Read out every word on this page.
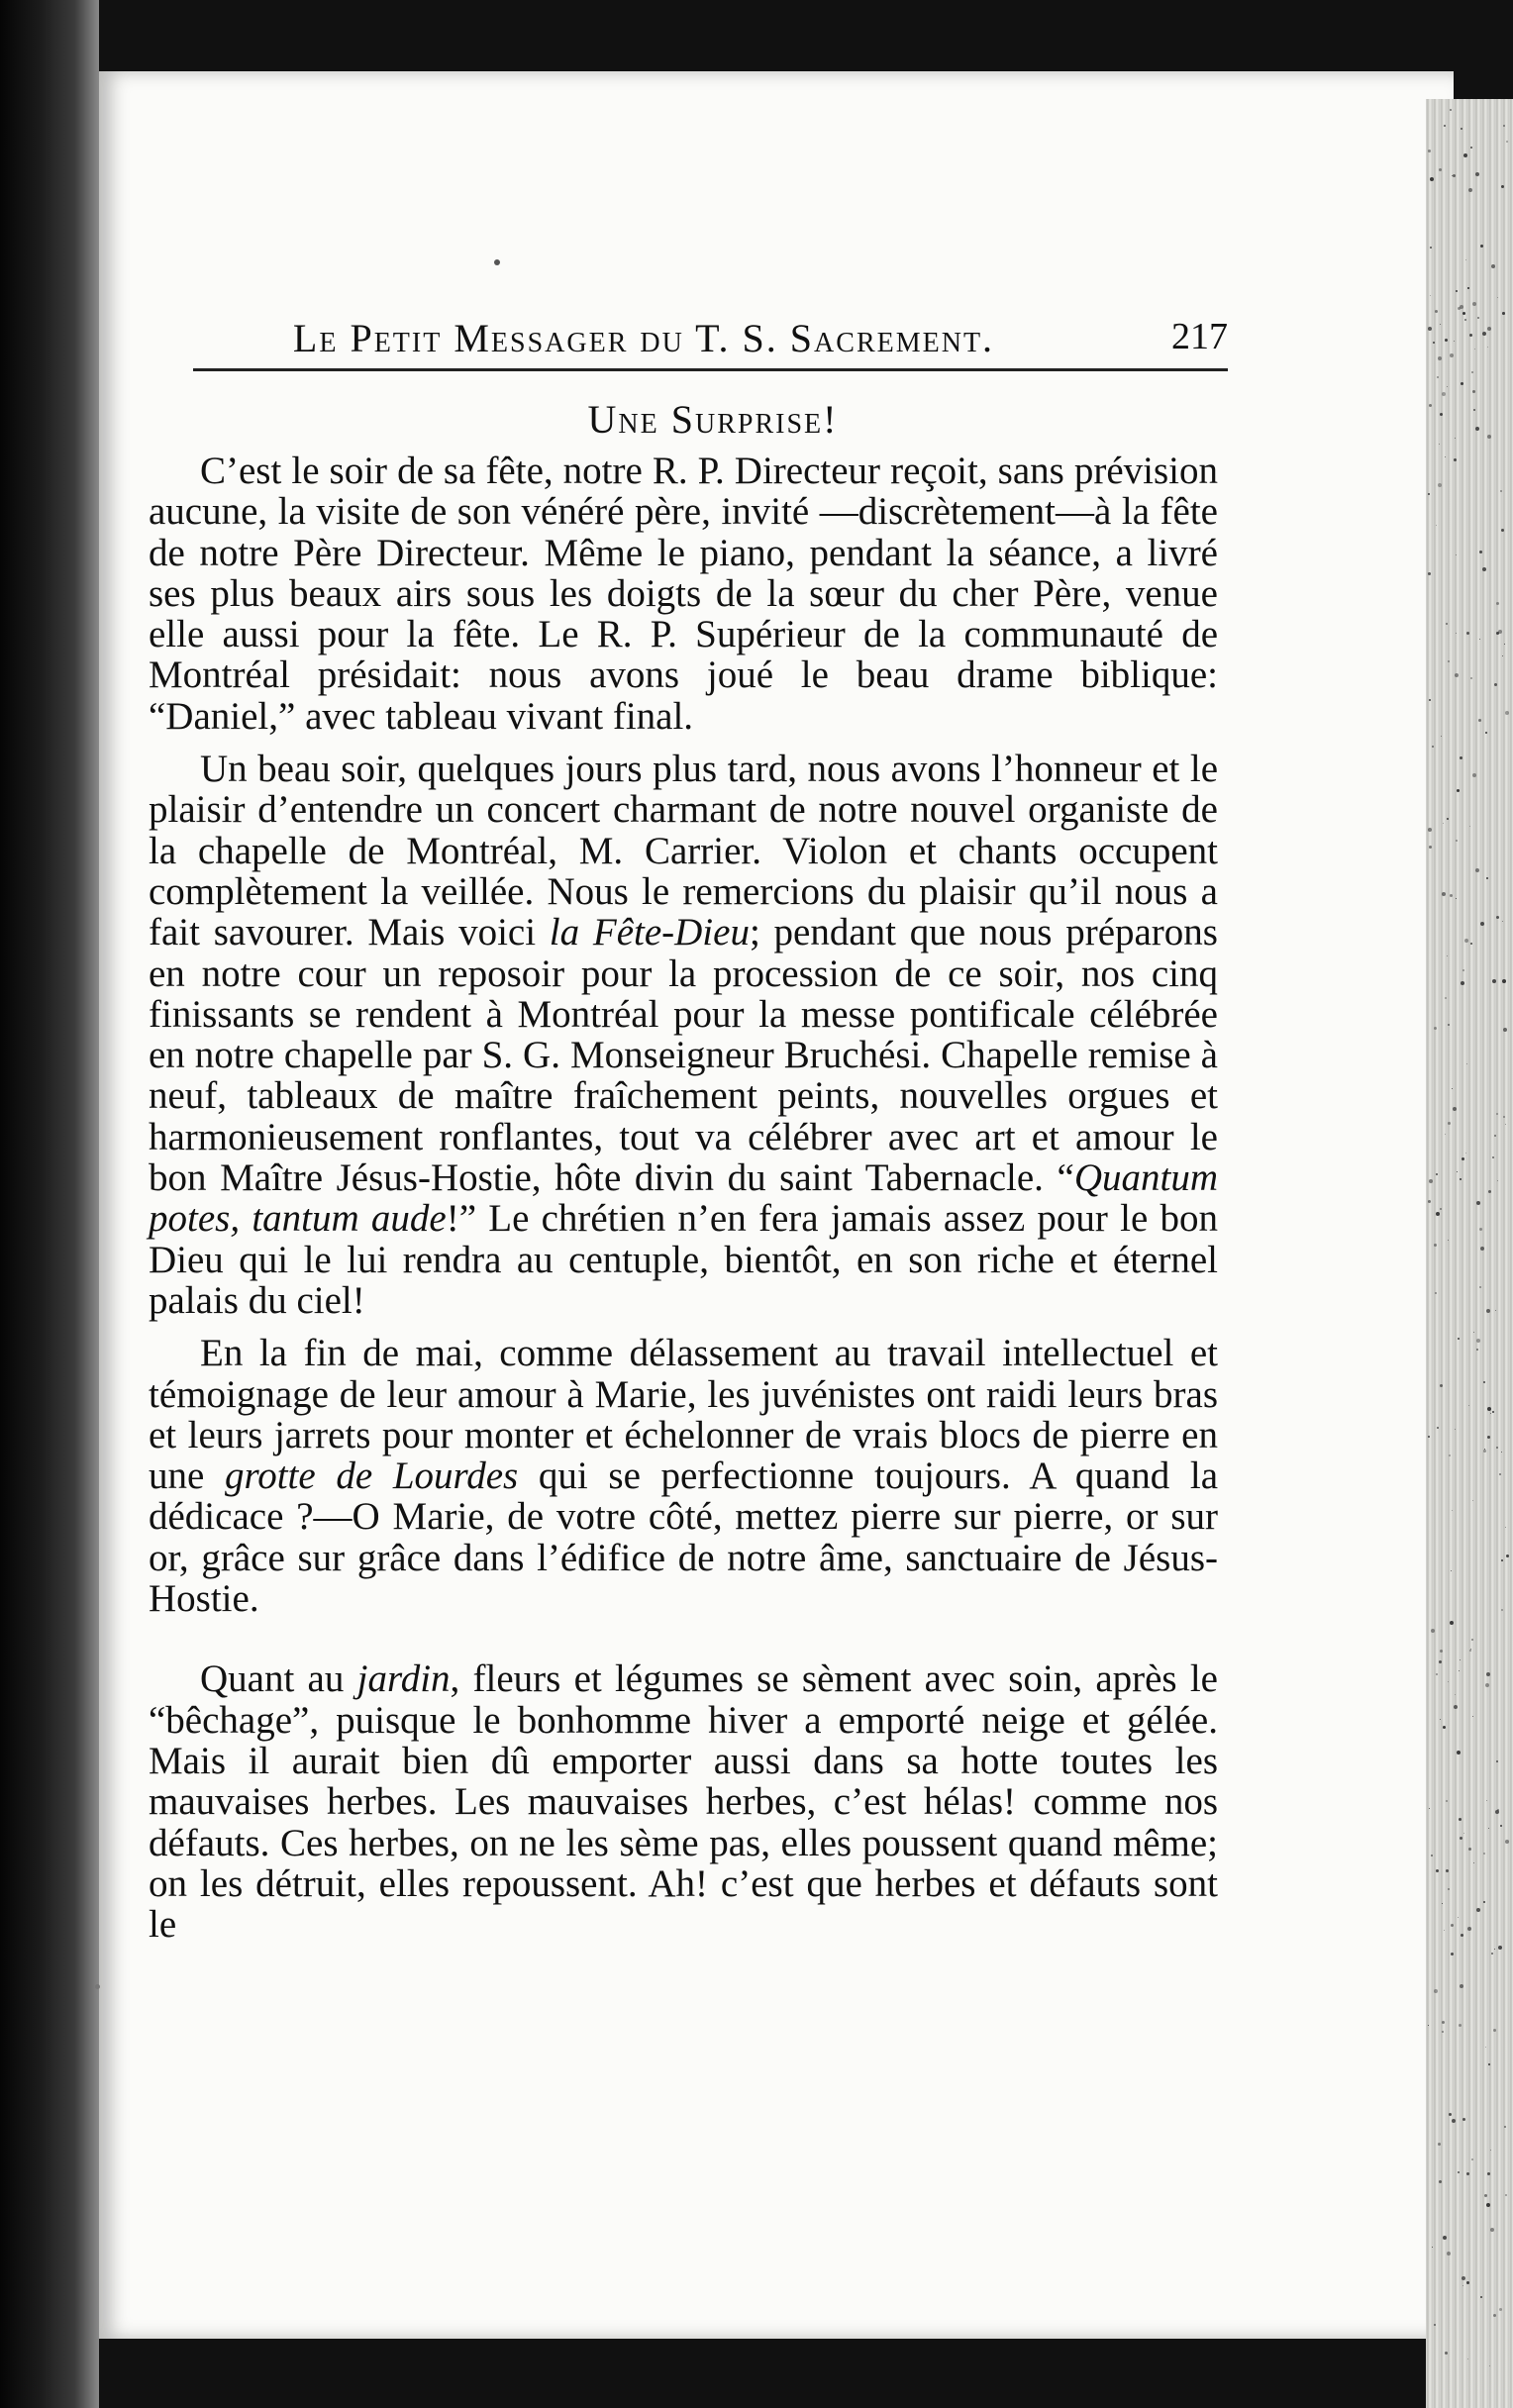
Le Petit Messager du T. S. Sacrement.	217
Une Surprise!

C’est le soir de sa fête, notre R. P. Directeur reçoit, sans prévision aucune, la visite de son vénéré père, invité —discrètement—à la fête de notre Père Directeur. Même le piano, pendant la séance, a livré ses plus beaux airs sous les doigts de la sœur du cher Père, venue elle aussi pour la fête. Le R. P. Supérieur de la communauté de Montréal présidait: nous avons joué le beau drame biblique: “Daniel,” avec tableau vivant final.

Un beau soir, quelques jours plus tard, nous avons l’honneur et le plaisir d’entendre un concert charmant de notre nouvel organiste de la chapelle de Montréal, M. Carrier. Violon et chants occupent complètement la veillée. Nous le remercions du plaisir qu’il nous a fait savourer. Mais voici la Fête-Dieu; pendant que nous préparons en notre cour un reposoir pour la procession de ce soir, nos cinq finissants se rendent à Montréal pour la messe pontificale célébrée en notre chapelle par S. G. Monseigneur Bruchési. Chapelle remise à neuf, tableaux de maître fraîchement peints, nouvelles orgues et harmonieusement ronflantes, tout va célébrer avec art et amour le bon Maître Jésus-Hostie, hôte divin du saint Tabernacle. “Quantum potes, tantum aude!” Le chrétien n’en fera jamais assez pour le bon Dieu qui le lui rendra au centuple, bientôt, en son riche et éternel palais du ciel!

En la fin de mai, comme délassement au travail intellectuel et témoignage de leur amour à Marie, les juvénistes ont raidi leurs bras et leurs jarrets pour monter et échelonner de vrais blocs de pierre en une grotte de Lourdes qui se perfectionne toujours. A quand la dédicace ?—O Marie, de votre côté, mettez pierre sur pierre, or sur or, grâce sur grâce dans l’édifice de notre âme, sanctuaire de Jésus-Hostie.

Quant au jardin, fleurs et légumes se sèment avec soin, après le “bêchage”, puisque le bonhomme hiver a emporté neige et gélée. Mais il aurait bien dû emporter aussi dans sa hotte toutes les mauvaises herbes. Les mauvaises herbes, c’est hélas! comme nos défauts. Ces herbes, on ne les sème pas, elles poussent quand même; on les détruit, elles repoussent. Ah! c’est que herbes et défauts sont le
